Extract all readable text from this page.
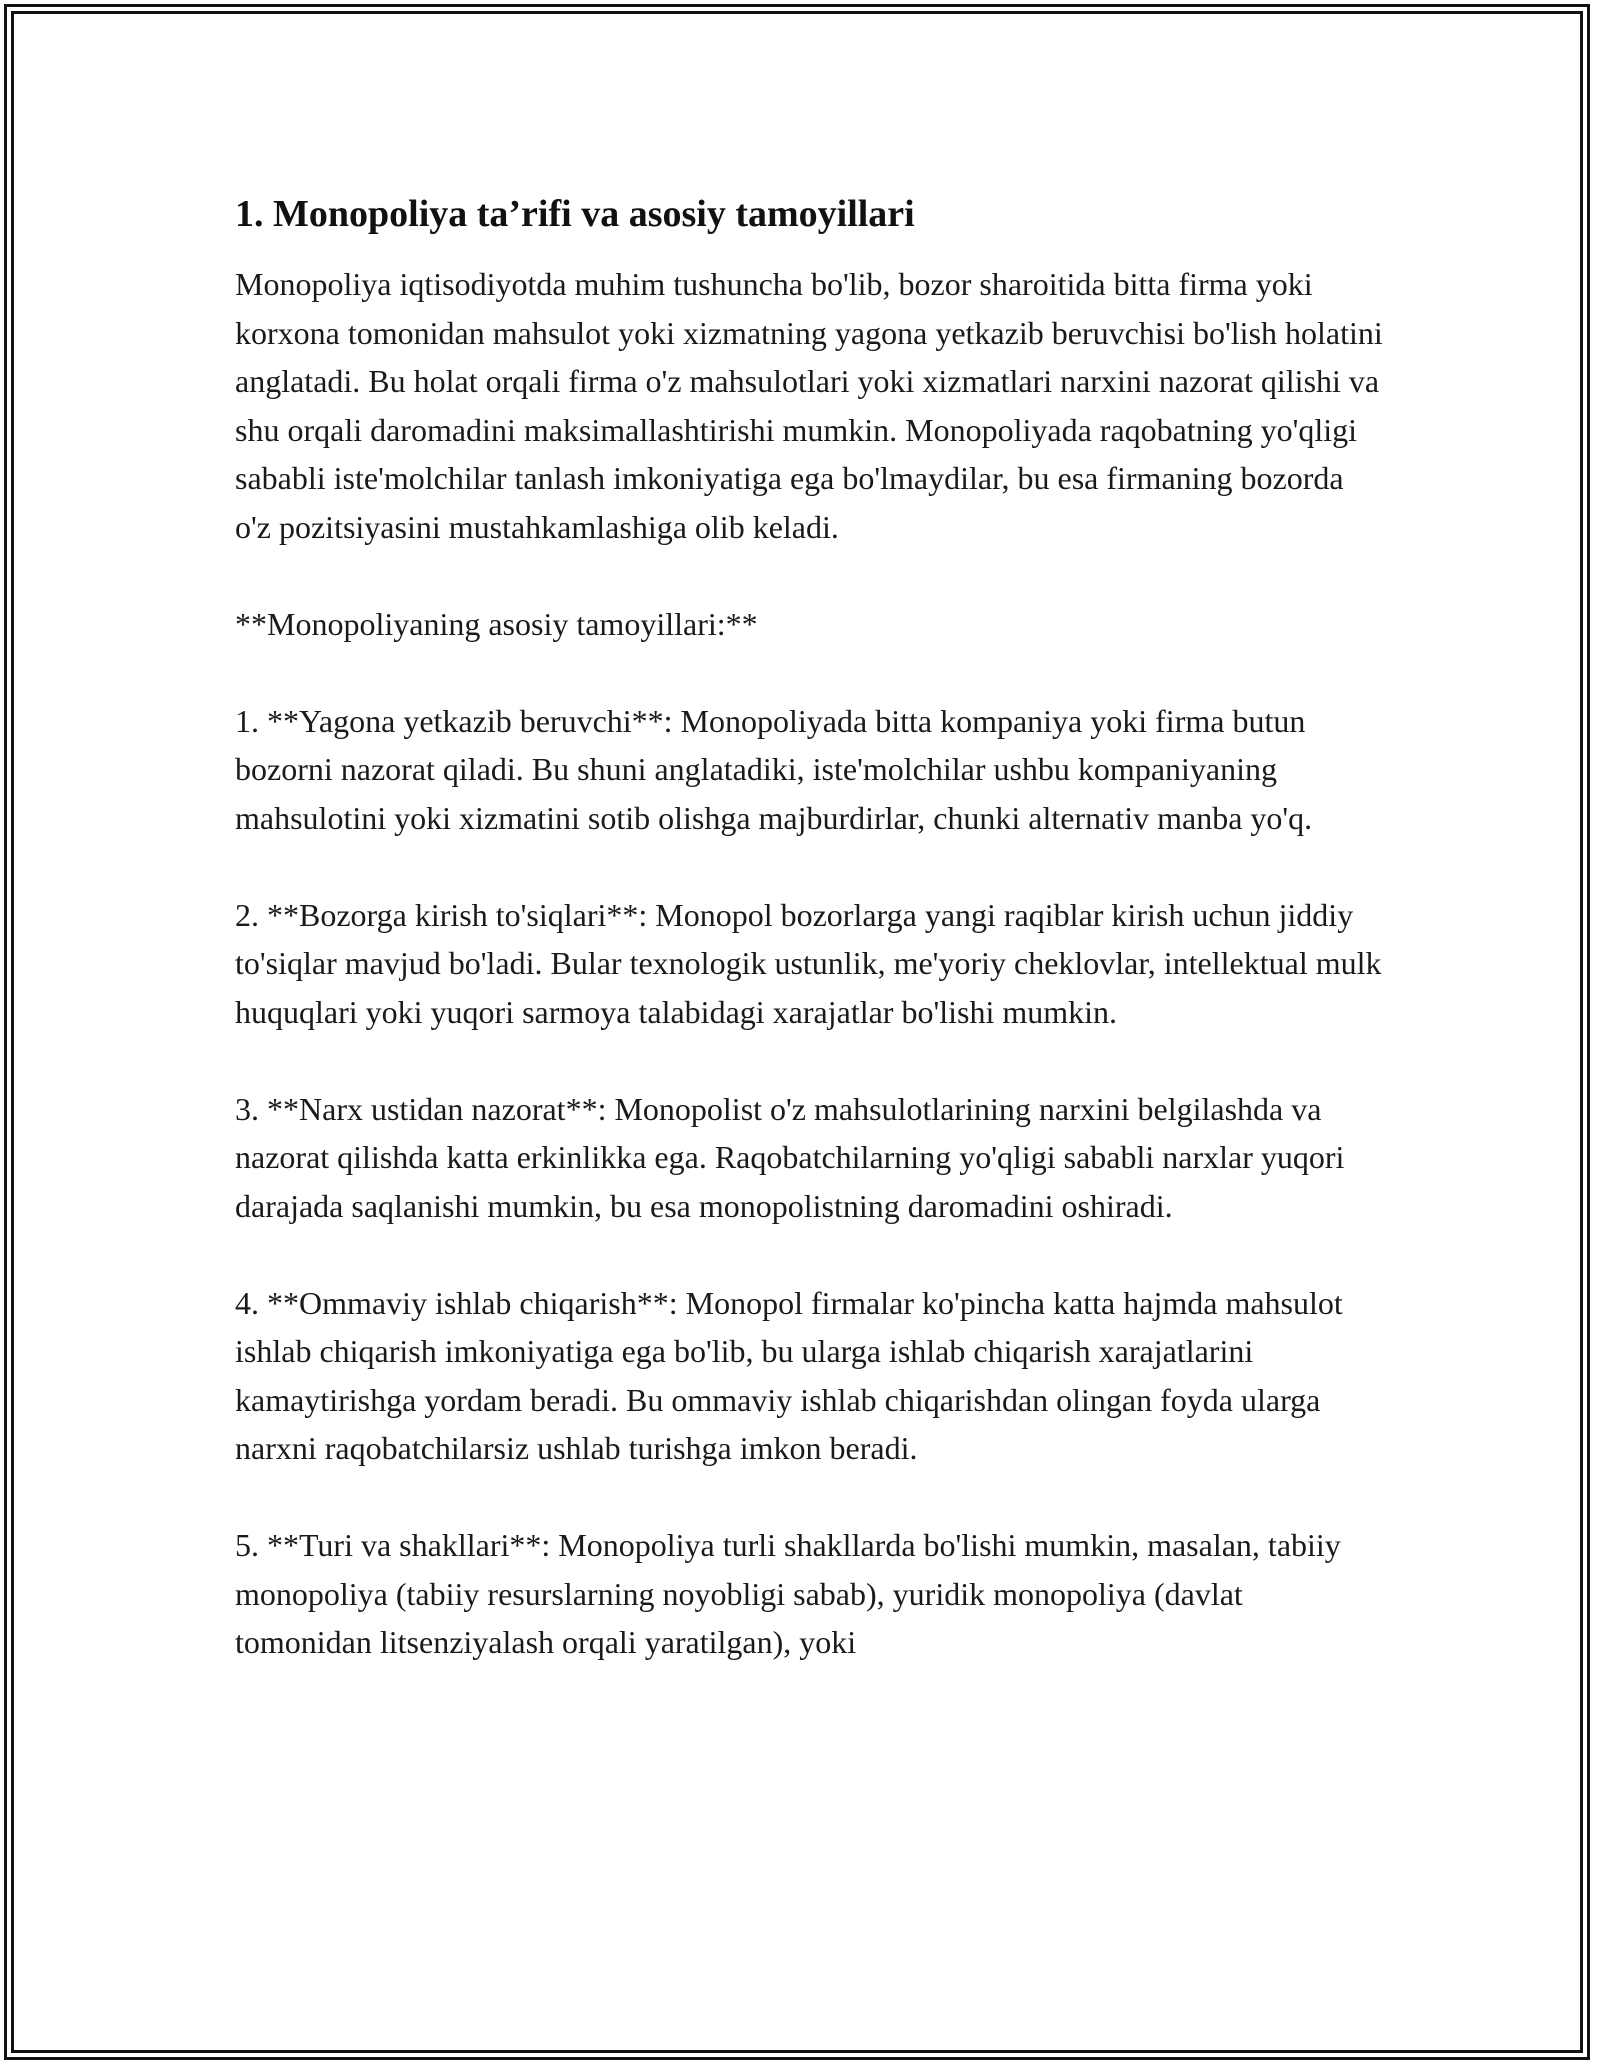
1. Monopoliya ta’rifi va asosiy tamoyillari

Monopoliya iqtisodiyotda muhim tushuncha bo'lib, bozor sharoitida bitta firma yoki korxona tomonidan mahsulot yoki xizmatning yagona yetkazib beruvchisi bo'lish holatini anglatadi. Bu holat orqali firma o'z mahsulotlari yoki xizmatlari narxini nazorat qilishi va shu orqali daromadini maksimallashtirishi mumkin. Monopoliyada raqobatning yo'qligi sababli iste'molchilar tanlash imkoniyatiga ega bo'lmaydilar, bu esa firmaning bozorda o'z pozitsiyasini mustahkamlashiga olib keladi.

**Monopoliyaning asosiy tamoyillari:**

1. **Yagona yetkazib beruvchi**: Monopoliyada bitta kompaniya yoki firma butun bozorni nazorat qiladi. Bu shuni anglatadiki, iste'molchilar ushbu kompaniyaning mahsulotini yoki xizmatini sotib olishga majburdirlar, chunki alternativ manba yo'q.

2. **Bozorga kirish to'siqlari**: Monopol bozorlarga yangi raqiblar kirish uchun jiddiy to'siqlar mavjud bo'ladi. Bular texnologik ustunlik, me'yoriy cheklovlar, intellektual mulk huquqlari yoki yuqori sarmoya talabidagi xarajatlar bo'lishi mumkin.

3. **Narx ustidan nazorat**: Monopolist o'z mahsulotlarining narxini belgilashda va nazorat qilishda katta erkinlikka ega. Raqobatchilarning yo'qligi sababli narxlar yuqori darajada saqlanishi mumkin, bu esa monopolistning daromadini oshiradi.

4. **Ommaviy ishlab chiqarish**: Monopol firmalar ko'pincha katta hajmda mahsulot ishlab chiqarish imkoniyatiga ega bo'lib, bu ularga ishlab chiqarish xarajatlarini kamaytirishga yordam beradi. Bu ommaviy ishlab chiqarishdan olingan foyda ularga narxni raqobatchilarsiz ushlab turishga imkon beradi.

5. **Turi va shakllari**: Monopoliya turli shakllarda bo'lishi mumkin, masalan, tabiiy monopoliya (tabiiy resurslarning noyobligi sabab), yuridik monopoliya (davlat tomonidan litsenziyalash orqali yaratilgan), yoki
